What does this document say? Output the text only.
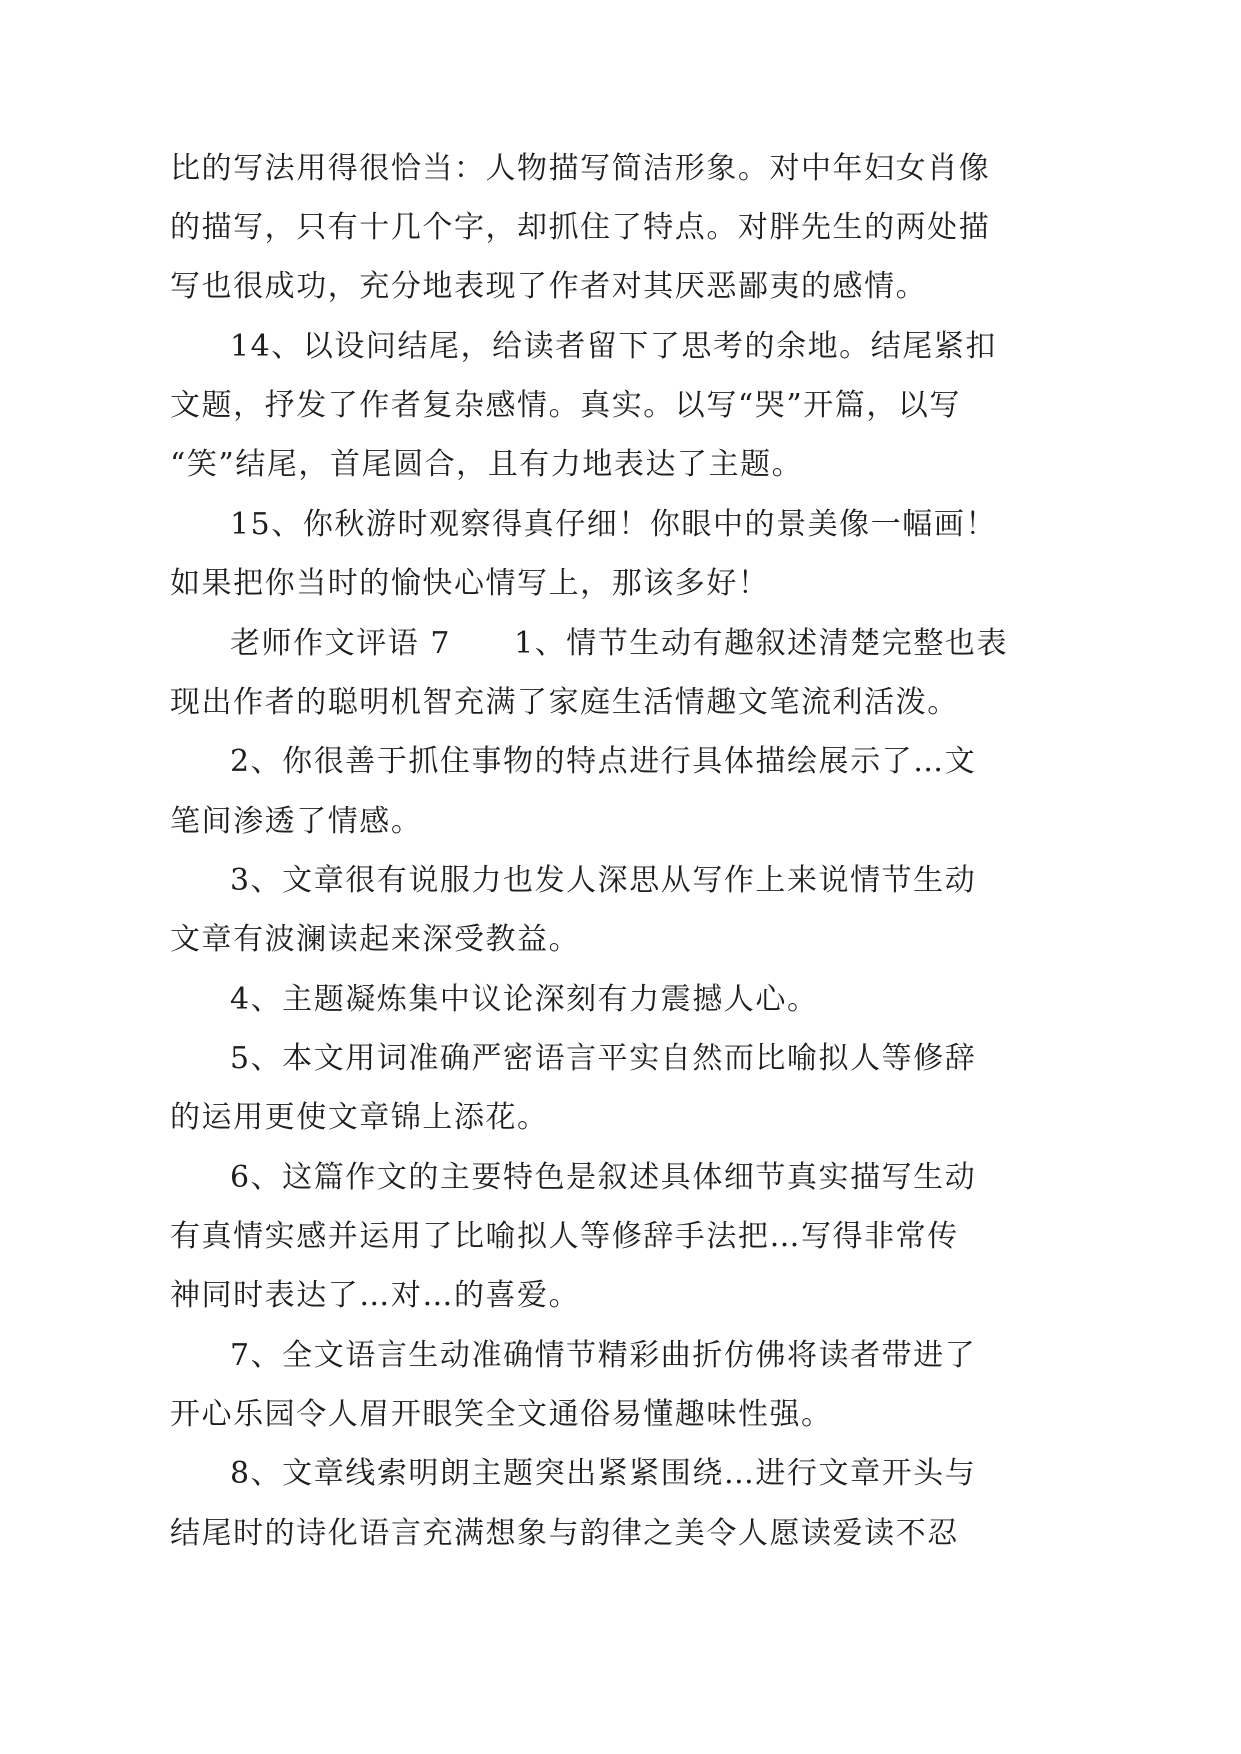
比的写法用得很恰当：人物描写简洁形象。对中年妇女肖像
的描写，只有十几个字，却抓住了特点。对胖先生的两处描
写也很成功，充分地表现了作者对其厌恶鄙夷的感情。
14、以设问结尾，给读者留下了思考的余地。结尾紧扣
文题，抒发了作者复杂感情。真实。以写“哭”开篇，以写
“笑”结尾，首尾圆合，且有力地表达了主题。
15、你秋游时观察得真仔细！你眼中的景美像一幅画！
如果把你当时的愉快心情写上，那该多好！
老师作文评语 7　　1、情节生动有趣叙述清楚完整也表
现出作者的聪明机智充满了家庭生活情趣文笔流利活泼。
2、你很善于抓住事物的特点进行具体描绘展示了…文
笔间渗透了情感。
3、文章很有说服力也发人深思从写作上来说情节生动
文章有波澜读起来深受教益。
4、主题凝炼集中议论深刻有力震撼人心。
5、本文用词准确严密语言平实自然而比喻拟人等修辞
的运用更使文章锦上添花。
6、这篇作文的主要特色是叙述具体细节真实描写生动
有真情实感并运用了比喻拟人等修辞手法把…写得非常传
神同时表达了…对…的喜爱。
7、全文语言生动准确情节精彩曲折仿佛将读者带进了
开心乐园令人眉开眼笑全文通俗易懂趣味性强。
8、文章线索明朗主题突出紧紧围绕…进行文章开头与
结尾时的诗化语言充满想象与韵律之美令人愿读爱读不忍
